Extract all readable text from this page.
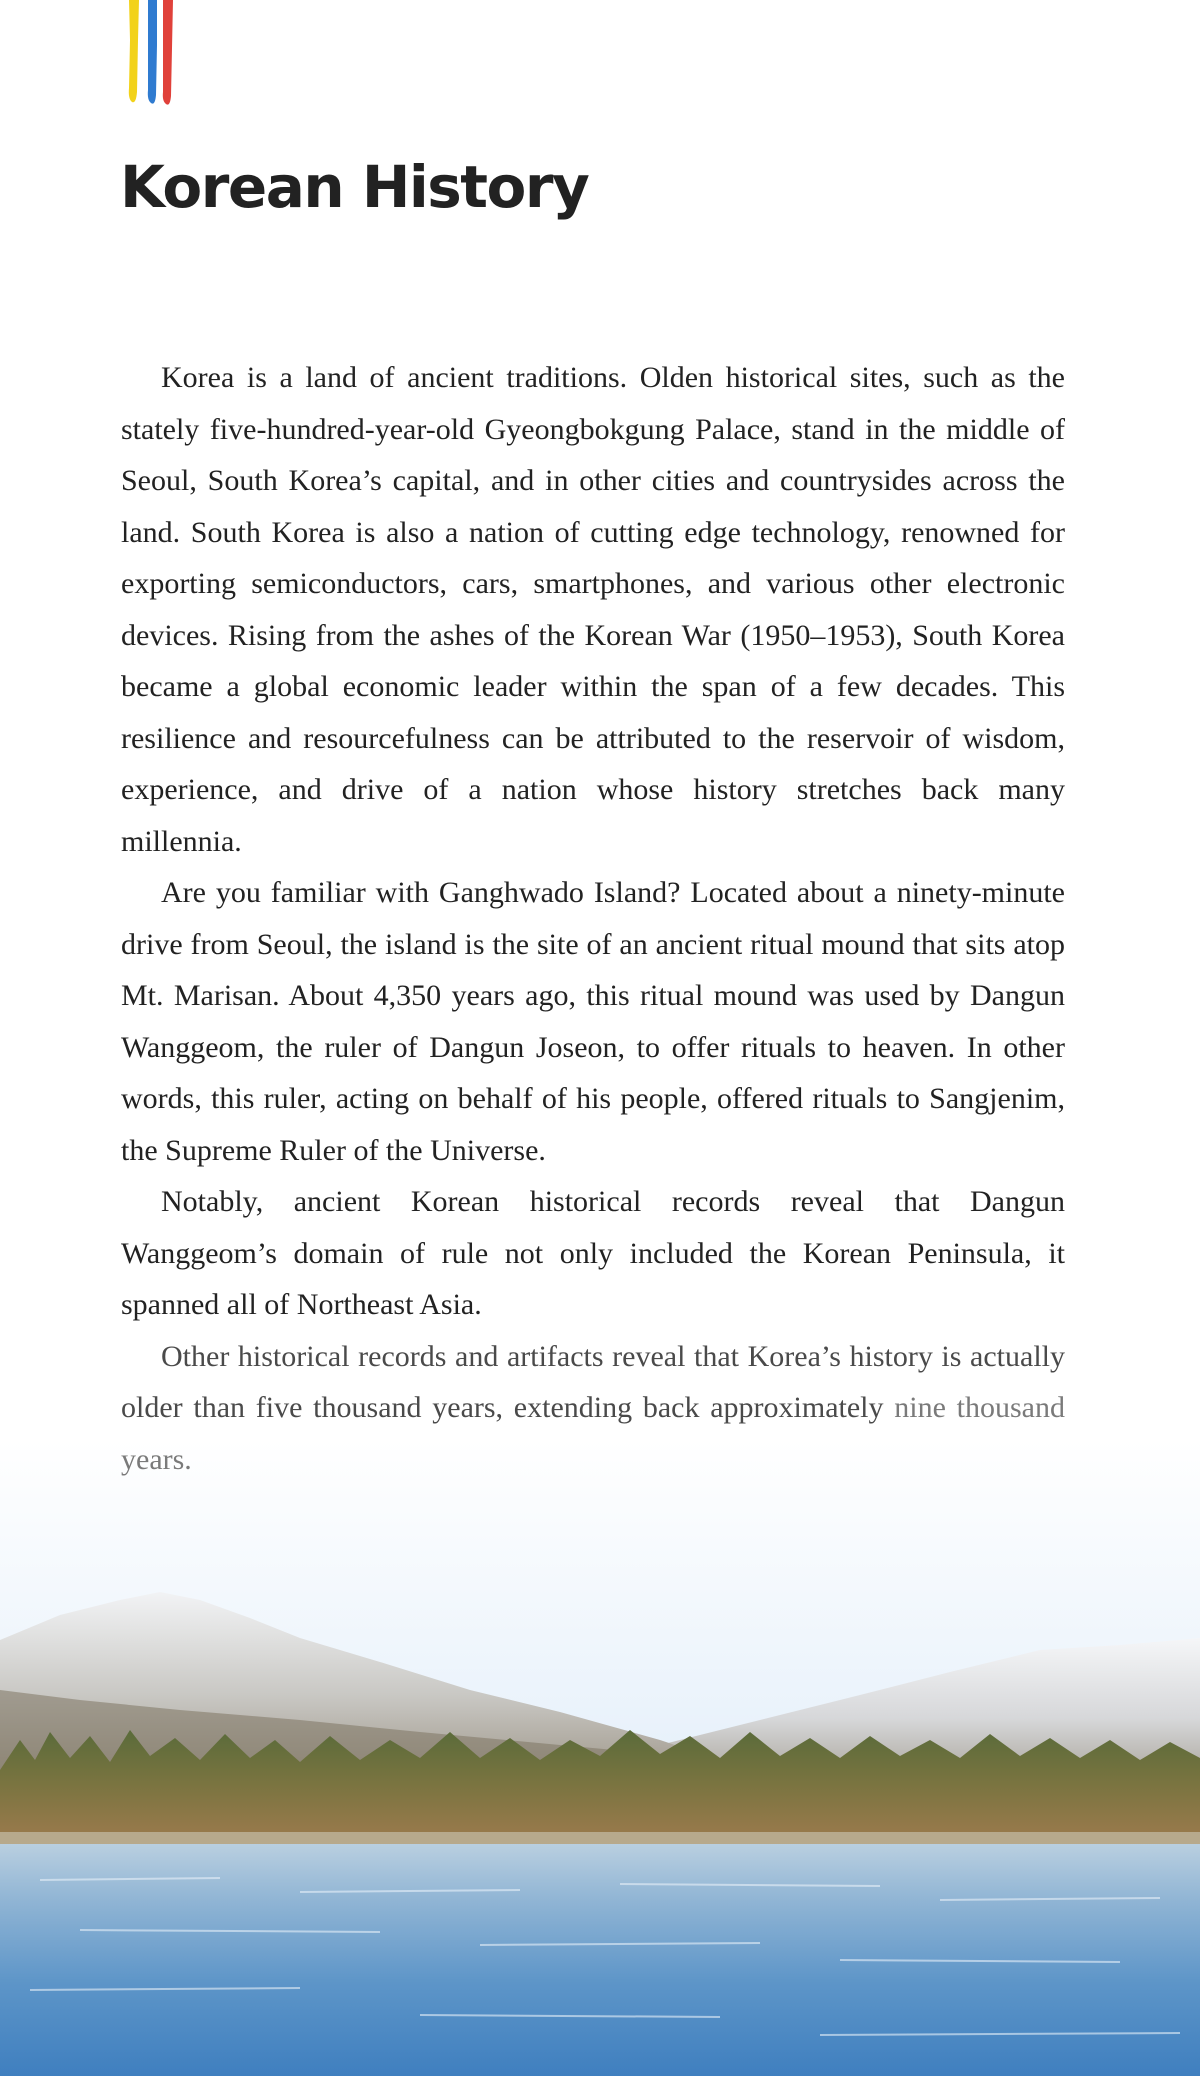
Korean History

Korea is a land of ancient traditions. Olden historical sites, such as the stately five-hundred-year-old Gyeongbokgung Palace, stand in the middle of Seoul, South Korea’s capital, and in other cities and countrysides across the land. South Korea is also a nation of cutting edge technology, renowned for exporting semiconductors, cars, smartphones, and various other electronic devices. Rising from the ashes of the Korean War (1950–1953), South Korea became a global economic leader within the span of a few decades. This resilience and resourcefulness can be attributed to the reservoir of wisdom, experience, and drive of a nation whose history stretches back many millennia.

Are you familiar with Ganghwado Island? Located about a ninety-minute drive from Seoul, the island is the site of an ancient ritual mound that sits atop Mt. Marisan. About 4,350 years ago, this ritual mound was used by Dangun Wanggeom, the ruler of Dangun Joseon, to offer rituals to heaven. In other words, this ruler, acting on behalf of his people, offered rituals to Sangjenim, the Supreme Ruler of the Universe.

Notably, ancient Korean historical records reveal that Dangun Wanggeom’s domain of rule not only included the Korean Peninsula, it spanned all of Northeast Asia.

Other historical records and artifacts reveal that Korea’s history is actually older than five thousand years, extending back approximately nine thousand years.
